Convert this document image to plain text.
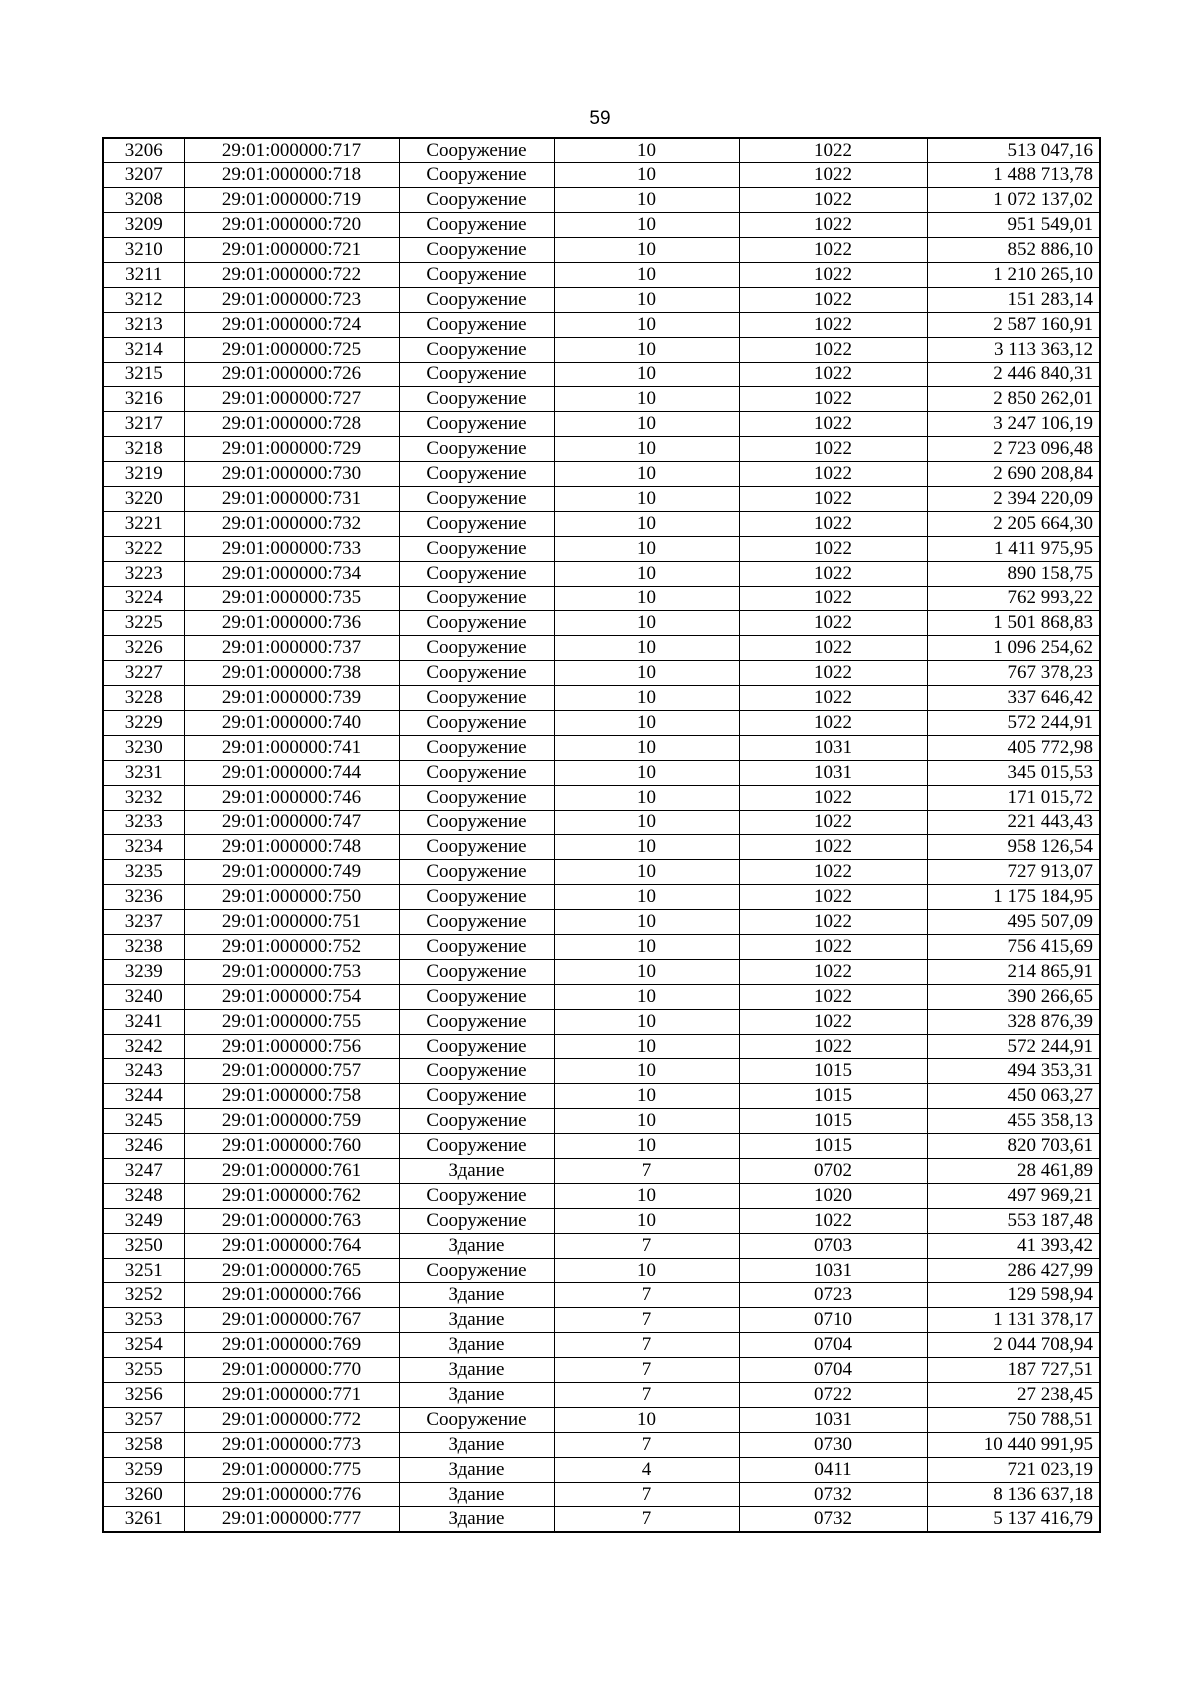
59
3206	29:01:000000:717	Сооружение	10	1022	513 047,16
3207	29:01:000000:718	Сооружение	10	1022	1 488 713,78
3208	29:01:000000:719	Сооружение	10	1022	1 072 137,02
3209	29:01:000000:720	Сооружение	10	1022	951 549,01
3210	29:01:000000:721	Сооружение	10	1022	852 886,10
3211	29:01:000000:722	Сооружение	10	1022	1 210 265,10
3212	29:01:000000:723	Сооружение	10	1022	151 283,14
3213	29:01:000000:724	Сооружение	10	1022	2 587 160,91
3214	29:01:000000:725	Сооружение	10	1022	3 113 363,12
3215	29:01:000000:726	Сооружение	10	1022	2 446 840,31
3216	29:01:000000:727	Сооружение	10	1022	2 850 262,01
3217	29:01:000000:728	Сооружение	10	1022	3 247 106,19
3218	29:01:000000:729	Сооружение	10	1022	2 723 096,48
3219	29:01:000000:730	Сооружение	10	1022	2 690 208,84
3220	29:01:000000:731	Сооружение	10	1022	2 394 220,09
3221	29:01:000000:732	Сооружение	10	1022	2 205 664,30
3222	29:01:000000:733	Сооружение	10	1022	1 411 975,95
3223	29:01:000000:734	Сооружение	10	1022	890 158,75
3224	29:01:000000:735	Сооружение	10	1022	762 993,22
3225	29:01:000000:736	Сооружение	10	1022	1 501 868,83
3226	29:01:000000:737	Сооружение	10	1022	1 096 254,62
3227	29:01:000000:738	Сооружение	10	1022	767 378,23
3228	29:01:000000:739	Сооружение	10	1022	337 646,42
3229	29:01:000000:740	Сооружение	10	1022	572 244,91
3230	29:01:000000:741	Сооружение	10	1031	405 772,98
3231	29:01:000000:744	Сооружение	10	1031	345 015,53
3232	29:01:000000:746	Сооружение	10	1022	171 015,72
3233	29:01:000000:747	Сооружение	10	1022	221 443,43
3234	29:01:000000:748	Сооружение	10	1022	958 126,54
3235	29:01:000000:749	Сооружение	10	1022	727 913,07
3236	29:01:000000:750	Сооружение	10	1022	1 175 184,95
3237	29:01:000000:751	Сооружение	10	1022	495 507,09
3238	29:01:000000:752	Сооружение	10	1022	756 415,69
3239	29:01:000000:753	Сооружение	10	1022	214 865,91
3240	29:01:000000:754	Сооружение	10	1022	390 266,65
3241	29:01:000000:755	Сооружение	10	1022	328 876,39
3242	29:01:000000:756	Сооружение	10	1022	572 244,91
3243	29:01:000000:757	Сооружение	10	1015	494 353,31
3244	29:01:000000:758	Сооружение	10	1015	450 063,27
3245	29:01:000000:759	Сооружение	10	1015	455 358,13
3246	29:01:000000:760	Сооружение	10	1015	820 703,61
3247	29:01:000000:761	Здание	7	0702	28 461,89
3248	29:01:000000:762	Сооружение	10	1020	497 969,21
3249	29:01:000000:763	Сооружение	10	1022	553 187,48
3250	29:01:000000:764	Здание	7	0703	41 393,42
3251	29:01:000000:765	Сооружение	10	1031	286 427,99
3252	29:01:000000:766	Здание	7	0723	129 598,94
3253	29:01:000000:767	Здание	7	0710	1 131 378,17
3254	29:01:000000:769	Здание	7	0704	2 044 708,94
3255	29:01:000000:770	Здание	7	0704	187 727,51
3256	29:01:000000:771	Здание	7	0722	27 238,45
3257	29:01:000000:772	Сооружение	10	1031	750 788,51
3258	29:01:000000:773	Здание	7	0730	10 440 991,95
3259	29:01:000000:775	Здание	4	0411	721 023,19
3260	29:01:000000:776	Здание	7	0732	8 136 637,18
3261	29:01:000000:777	Здание	7	0732	5 137 416,79
